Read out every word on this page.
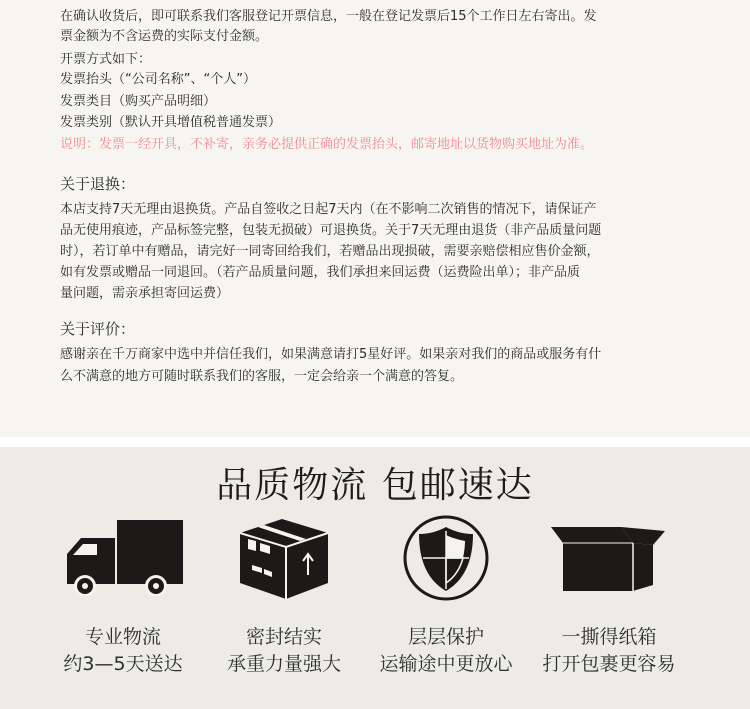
在确认收货后，即可联系我们客服登记开票信息，一般在登记发票后15个工作日左右寄出。发

票金额为不含运费的实际支付金额。

开票方式如下：

发票抬头（“公司名称”、“个人”）

发票类目（购买产品明细）

发票类别（默认开具增值税普通发票）

说明：发票一经开具，不补寄，亲务必提供正确的发票抬头，邮寄地址以货物购买地址为准。

关于退换：

本店支持7天无理由退换货。产品自签收之日起7天内（在不影响二次销售的情况下，请保证产

品无使用痕迹，产品标签完整，包装无损破）可退换货。关于7天无理由退货（非产品质量问题

时），若订单中有赠品，请完好一同寄回给我们，若赠品出现损破，需要亲赔偿相应售价金额，

如有发票或赠品一同退回。（若产品质量问题，我们承担来回运费（运费险出单）；非产品质

量问题，需亲承担寄回运费）

关于评价：

感谢亲在千万商家中选中并信任我们，如果满意请打5星好评。如果亲对我们的商品或服务有什

么不满意的地方可随时联系我们的客服，一定会给亲一个满意的答复。

品质物流 包邮速达
专业物流
约3—5天送达
密封结实
承重力量强大
层层保护
运输途中更放心
一撕得纸箱
打开包裹更容易
